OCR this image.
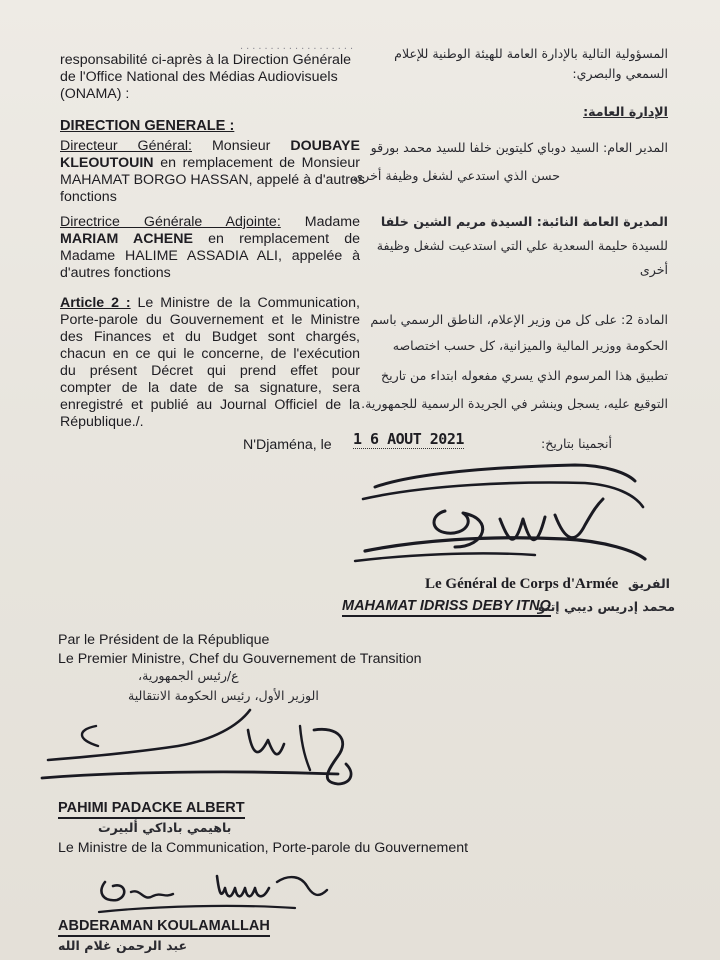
. . . . . . . . . . . . . . . . . . .
responsabilité ci-après à la Direction Générale
de l'Office National des Médias Audiovisuels
(ONAMA) :
DIRECTION GENERALE :
Directeur Général: Monsieur DOUBAYE
KLEOUTOUIN en remplacement de Monsieur
MAHAMAT BORGO HASSAN, appelé à d'autres
fonctions
Directrice Générale Adjointe: Madame
MARIAM ACHENE en remplacement de
Madame HALIME ASSADIA ALI, appelée à
d'autres fonctions
Article 2 : Le Ministre de la Communication,
Porte-parole du Gouvernement et le Ministre
des Finances et du Budget sont chargés,
chacun en ce qui le concerne, de l'exécution
du présent Décret qui prend effet pour
compter de la date de sa signature, sera
enregistré et publié au Journal Officiel de la
République./.
المسؤولية التالية بالإدارة العامة للهيئة الوطنية للإعلام
السمعي والبصري:
الإدارة العامة:
المدير العام: السيد دوباي كليتوين خلفا للسيد محمد بورقو
حسن الذي استدعي لشغل وظيفة أخرى.
المديرة العامة النائبة: السيدة مريم الشين خلفا
للسيدة حليمة السعدية علي التي استدعيت لشغل وظيفة
أخرى
المادة 2: على كل من وزير الإعلام، الناطق الرسمي باسم
الحكومة ووزير المالية والميزانية، كل حسب اختصاصه
تطبيق هذا المرسوم الذي يسري مفعوله ابتداء من تاريخ
التوقيع عليه، يسجل وينشر في الجريدة الرسمية للجمهورية.
N'Djaména, le 1 6 AOUT 2021	أنجمينا بتاريخ:
Le Général de Corps d'Armée الفريق
MAHAMAT IDRISS DEBY ITNO
محمد إدريس ديبي إتنو
Par le Président de la République
Le Premier Ministre, Chef du Gouvernement de Transition
ع/رئيس الجمهورية،
الوزير الأول، رئيس الحكومة الانتقالية
PAHIMI PADACKE ALBERT
باهيمي باداكي ألبيرت
Le Ministre de la Communication, Porte-parole du Gouvernement
ABDERAMAN KOULAMALLAH
عبد الرحمن غلام الله
